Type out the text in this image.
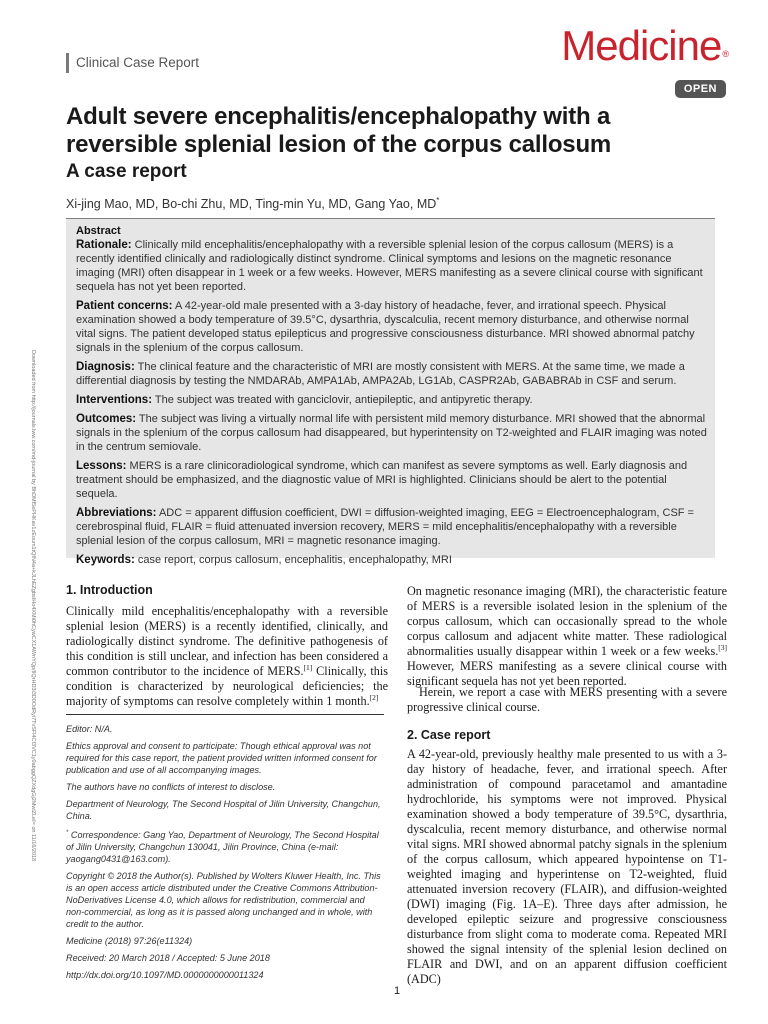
Clinical Case Report	Medicine®
OPEN
Adult severe encephalitis/encephalopathy with a reversible splenial lesion of the corpus callosum
A case report
Xi-jing Mao, MD, Bo-chi Zhu, MD, Ting-min Yu, MD, Gang Yao, MD*

Abstract

Rationale: Clinically mild encephalitis/encephalopathy with a reversible splenial lesion of the corpus callosum (MERS) is a recently identified clinically and radiologically distinct syndrome. Clinical symptoms and lesions on the magnetic resonance imaging (MRI) often disappear in 1 week or a few weeks. However, MERS manifesting as a severe clinical course with significant sequela has not yet been reported.

Patient concerns: A 42-year-old male presented with a 3-day history of headache, fever, and irrational speech. Physical examination showed a body temperature of 39.5°C, dysarthria, dyscalculia, recent memory disturbance, and otherwise normal vital signs. The patient developed status epilepticus and progressive consciousness disturbance. MRI showed abnormal patchy signals in the splenium of the corpus callosum.

Diagnosis: The clinical feature and the characteristic of MRI are mostly consistent with MERS. At the same time, we made a differential diagnosis by testing the NMDARAb, AMPA1Ab, AMPA2Ab, LG1Ab, CASPR2Ab, GABABRAb in CSF and serum.

Interventions: The subject was treated with ganciclovir, antiepileptic, and antipyretic therapy.

Outcomes: The subject was living a virtually normal life with persistent mild memory disturbance. MRI showed that the abnormal signals in the splenium of the corpus callosum had disappeared, but hyperintensity on T2-weighted and FLAIR imaging was noted in the centrum semiovale.

Lessons: MERS is a rare clinicoradiological syndrome, which can manifest as severe symptoms as well. Early diagnosis and treatment should be emphasized, and the diagnostic value of MRI is highlighted. Clinicians should be alert to the potential sequela.

Abbreviations: ADC = apparent diffusion coefficient, DWI = diffusion-weighted imaging, EEG = Electroencephalogram, CSF = cerebrospinal fluid, FLAIR = fluid attenuated inversion recovery, MERS = mild encephalitis/encephalopathy with a reversible splenial lesion of the corpus callosum, MRI = magnetic resonance imaging.

Keywords: case report, corpus callosum, encephalitis, encephalopathy, MRI

Downloaded from http://journals.lww.com/md-journal by BhDMf5ePHKav1zEoum1tQfN4a+kJLhEZgbsIHo4XMi0hCywCX1AWnYQp/IlQrHD3i3D0OdRyi7TvSFl4Cf3VC1y0abggQZXdgGj2MwlZLeI= on 11/16/2018 1. Introduction
Clinically mild encephalitis/encephalopathy with a reversible splenial lesion (MERS) is a recently identified, clinically, and radiologically distinct syndrome. The definitive pathogenesis of this condition is still unclear, and infection has been considered a common contributor to the incidence of MERS.[1] Clinically, this condition is characterized by neurological deficiencies; the majority of symptoms can resolve completely within 1 month.[2]
On magnetic resonance imaging (MRI), the characteristic feature of MERS is a reversible isolated lesion in the splenium of the corpus callosum, which can occasionally spread to the whole corpus callosum and adjacent white matter. These radiological abnormalities usually disappear within 1 week or a few weeks.[3] However, MERS manifesting as a severe clinical course with significant sequela has not yet been reported.
Herein, we report a case with MERS presenting with a severe progressive clinical course.
2. Case report
A 42-year-old, previously healthy male presented to us with a 3-day history of headache, fever, and irrational speech. After administration of compound paracetamol and amantadine hydrochloride, his symptoms were not improved. Physical examination showed a body temperature of 39.5°C, dysarthria, dyscalculia, recent memory disturbance, and otherwise normal vital signs. MRI showed abnormal patchy signals in the splenium of the corpus callosum, which appeared hypointense on T1-weighted imaging and hyperintense on T2-weighted, fluid attenuated inversion recovery (FLAIR), and diffusion-weighted (DWI) imaging (Fig. 1A–E). Three days after admission, he developed epileptic seizure and progressive consciousness disturbance from slight coma to moderate coma. Repeated MRI showed the signal intensity of the splenial lesion declined on FLAIR and DWI, and on an apparent diffusion coefficient (ADC)

Editor: N/A.

Ethics approval and consent to participate: Though ethical approval was not required for this case report, the patient provided written informed consent for publication and use of all accompanying images.

The authors have no conflicts of interest to disclose.

Department of Neurology, The Second Hospital of Jilin University, Changchun, China.

* Correspondence: Gang Yao, Department of Neurology, The Second Hospital of Jilin University, Changchun 130041, Jilin Province, China (e-mail: yaogang0431@163.com).

Copyright © 2018 the Author(s). Published by Wolters Kluwer Health, Inc. This is an open access article distributed under the Creative Commons Attribution-NoDerivatives License 4.0, which allows for redistribution, commercial and non-commercial, as long as it is passed along unchanged and in whole, with credit to the author.

Medicine (2018) 97:26(e11324)

Received: 20 March 2018 / Accepted: 5 June 2018

http://dx.doi.org/10.1097/MD.0000000000011324

1
